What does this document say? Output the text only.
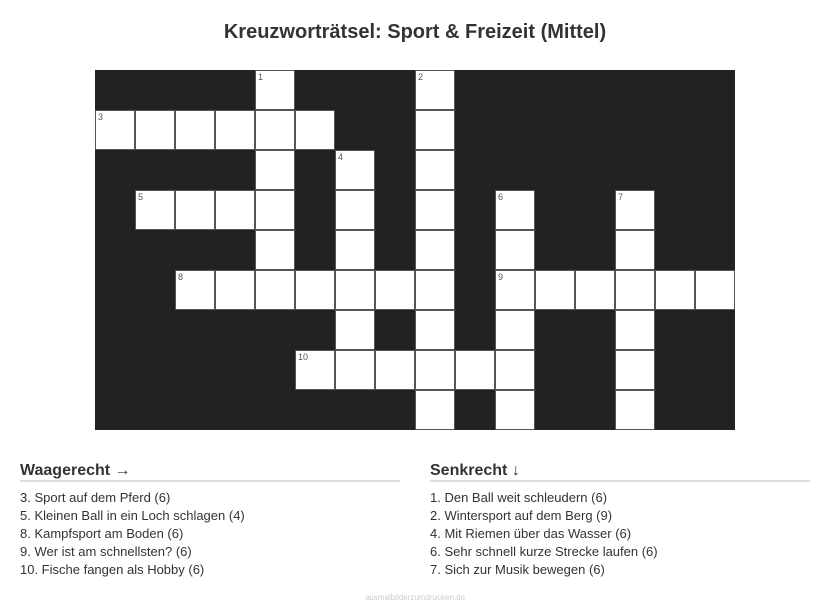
Kreuzworträtsel: Sport & Freizeit (Mittel)
1	2
3
4
5	6	7
8	9
10
Waagerecht →
3. Sport auf dem Pferd (6)
5. Kleinen Ball in ein Loch schlagen (4)
8. Kampfsport am Boden (6)
9. Wer ist am schnellsten? (6)
10. Fische fangen als Hobby (6)
Senkrecht ↓
1. Den Ball weit schleudern (6)
2. Wintersport auf dem Berg (9)
4. Mit Riemen über das Wasser (6)
6. Sehr schnell kurze Strecke laufen (6)
7. Sich zur Musik bewegen (6)
ausmalbilderzumdrucken.de
